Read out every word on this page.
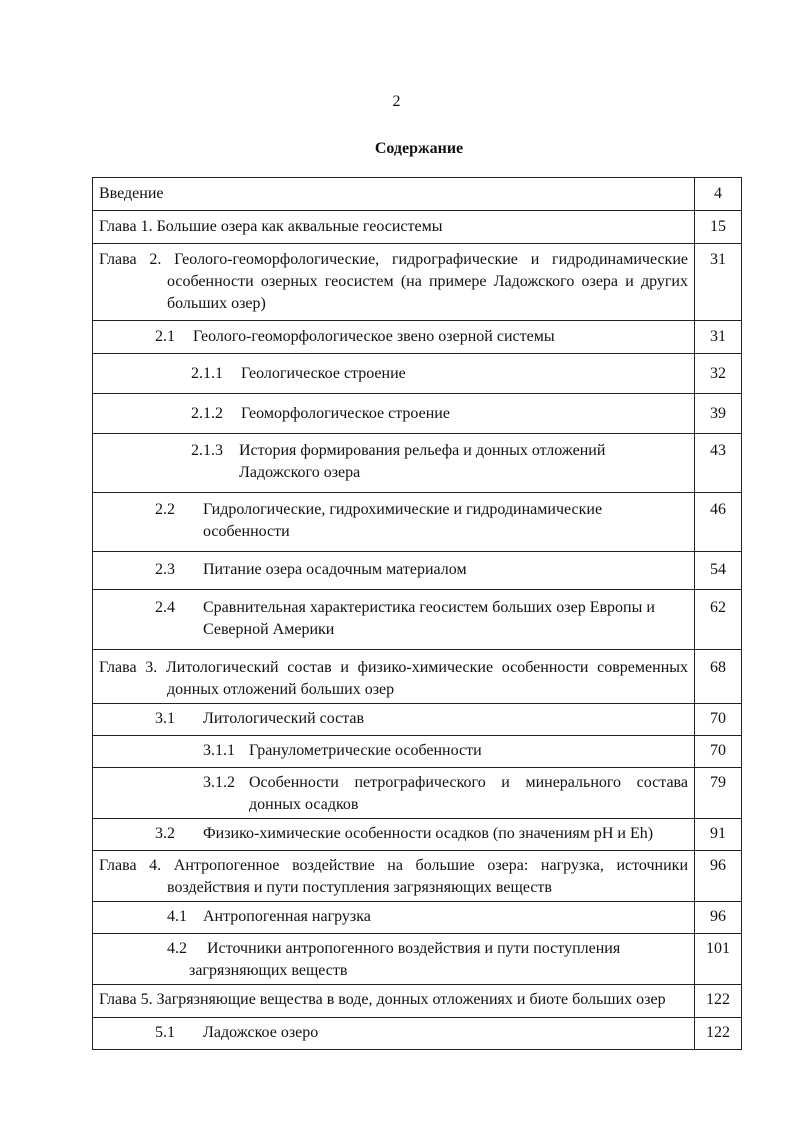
2
Содержание
Введение	4
Глава 1. Большие озера как аквальные геосистемы	15

Глава 2. Геолого-геоморфологические, гидрографические и гидродинамические особенности озерных геосистем (на примере Ладожского озера и других больших озер)	31

2.1 Геолого-геоморфологическое звено озерной системы	31

2.1.1 Геологическое строение	32

2.1.2 Геоморфологическое строение	39

2.1.3 История формирования рельефа и донных отложений Ладожского озера	43

2.2 Гидрологические, гидрохимические и гидродинамические особенности	46

2.3 Питание озера осадочным материалом	54

2.4 Сравнительная характеристика геосистем больших озер Европы и Северной Америки	62

Глава 3. Литологический состав и физико-химические особенности современных донных отложений больших озер	68

3.1 Литологический состав	70

3.1.1 Гранулометрические особенности	70

3.1.2 Особенности петрографического и минерального состава донных осадков	79

3.2 Физико-химические особенности осадков (по значениям pH и Eh)	91

Глава 4. Антропогенное воздействие на большие озера: нагрузка, источники воздействия и пути поступления загрязняющих веществ	96

4.1 Антропогенная нагрузка	96

4.2 Источники антропогенного воздействия и пути поступления загрязняющих веществ	101

Глава 5. Загрязняющие вещества в воде, донных отложениях и биоте больших озер	122

5.1 Ладожское озеро	122
